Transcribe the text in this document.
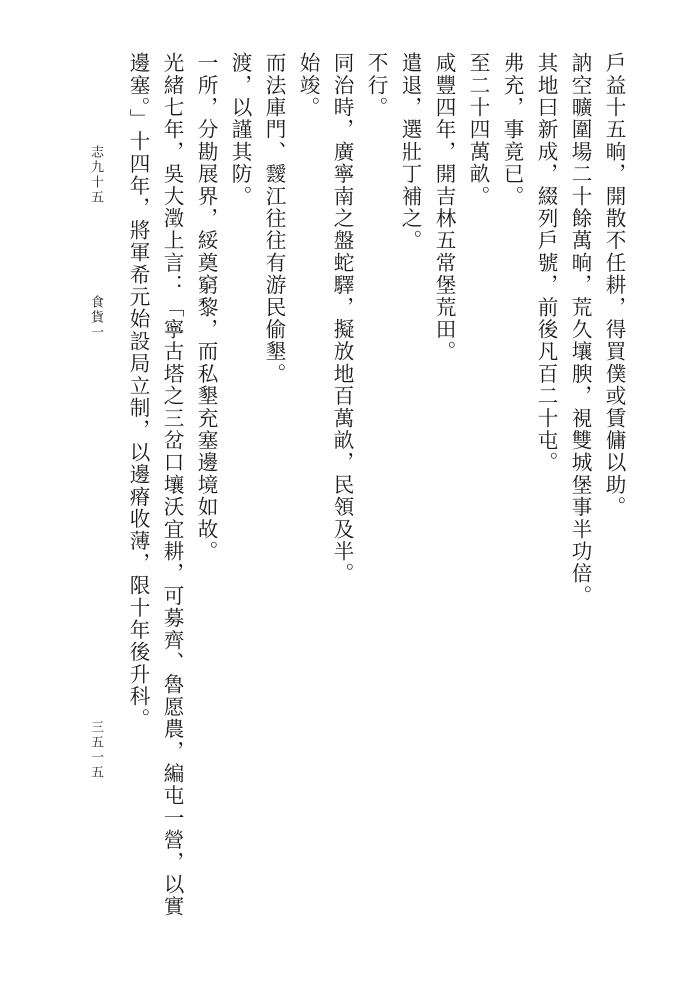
戶益十五晌，開散不任耕，得買僕或賃傭以助。
訥空曠圍場二十餘萬晌，荒久壤腴，視雙城堡事半功倍。
其地曰新成，綴列戶號，前後凡百二十屯。
弗充，事竟已。
至二十四萬畝。
咸豐四年，開吉林五常堡荒田。
遣退，選壯丁補之。
不行。
同治時，廣寧南之盤蛇驛，擬放地百萬畝，民領及半。
始竣。
而法庫門、靉江往往有游民偷墾。
渡，以謹其防。
一所，分勘展界，綏奠窮黎，而私墾充塞邊境如故。
光緒七年，吳大澂上言：「寧古塔之三岔口壤沃宜耕，可募齊、魯愿農，編屯一營，以實
邊塞。」十四年，將軍希元始設局立制，以邊瘠收薄，限十年後升科。
志九十五
食貨一
三五一五
